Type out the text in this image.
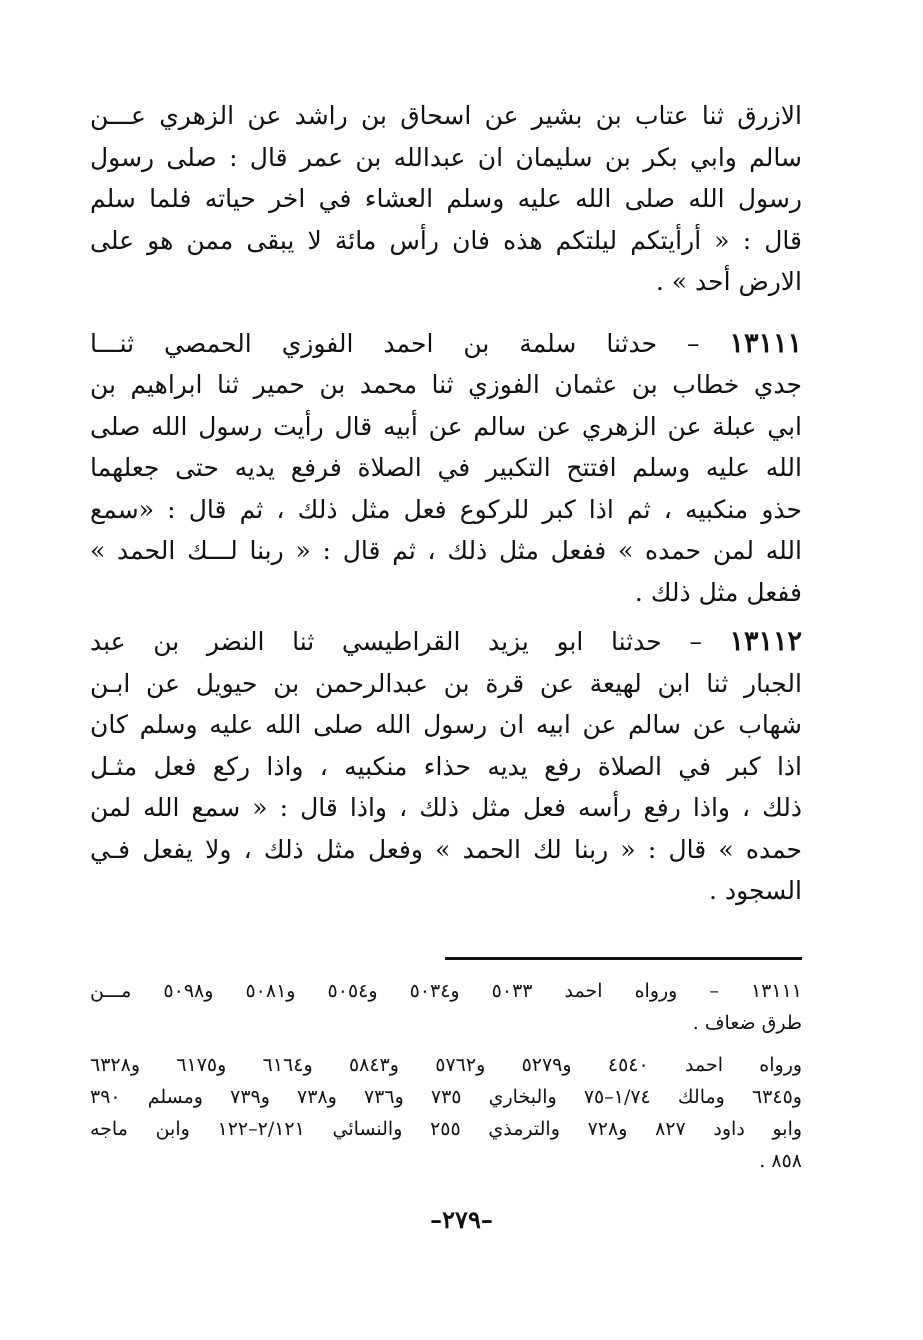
الازرق ثنا عتاب بن بشير عن اسحاق بن راشد عن الزهري عـــن
سالم وابي بكر بن سليمان ان عبدالله بن عمر قال : صلى رسول
رسول الله صلى الله عليه وسلم العشاء في اخر حياته فلما سلم
قال : « أرأيتكم ليلتكم هذه فان رأس مائة لا يبقى ممن هو على
الارض أحد » .
١٣١١١ – حدثنا سلمة بن احمد الفوزي الحمصي ثنـــا
جدي خطاب بن عثمان الفوزي ثنا محمد بن حمير ثنا ابراهيم بن
ابي عبلة عن الزهري عن سالم عن أبيه قال رأيت رسول الله صلى
الله عليه وسلم افتتح التكبير في الصلاة فرفع يديه حتى جعلهما
حذو منكبيه ، ثم اذا كبر للركوع فعل مثل ذلك ، ثم قال : «سمع
الله لمن حمده » ففعل مثل ذلك ، ثم قال : « ربنا لـــك الحمد »
ففعل مثل ذلك .
١٣١١٢ – حدثنا ابو يزيد القراطيسي ثنا النضر بن عبد
الجبار ثنا ابن لهيعة عن قرة بن عبدالرحمن بن حيويل عن ابـن
شهاب عن سالم عن ابيه ان رسول الله صلى الله عليه وسلم كان
اذا كبر في الصلاة رفع يديه حذاء منكبيه ، واذا ركع فعل مثـل
ذلك ، واذا رفع رأسه فعل مثل ذلك ، واذا قال : « سمع الله لمن
حمده » قال : « ربنا لك الحمد » وفعل مثل ذلك ، ولا يفعل فـي
السجود .
١٣١١١ – ورواه احمد ٥٠٣٣ و٥٠٣٤ و٥٠٥٤ و٥٠٨١ و٥٠٩٨ مـــن
طرق ضعاف .
ورواه احمد ٤٥٤٠ و٥٢٧٩ و٥٧٦٢ و٥٨٤٣ و٦١٦٤ و٦١٧٥ و٦٣٢٨
و٦٣٤٥ ومالك ١/٧٤–٧٥ والبخاري ٧٣٥ و٧٣٦ و٧٣٨ و٧٣٩ ومسلم ٣٩٠
وابو داود ٨٢٧ و٧٢٨ والترمذي ٢٥٥ والنسائي ٢/١٢١–١٢٢ وابن ماجه
٨٥٨ .
–٢٧٩–
